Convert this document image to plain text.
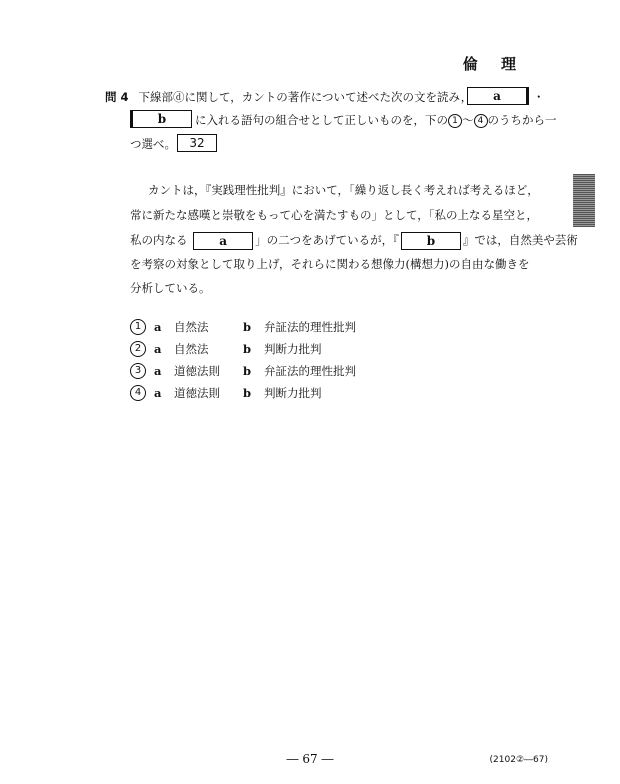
倫 理
問 4 下線部ⓓに関して，カントの著作について述べた次の文を読み，	a	・
b	に入れる語句の組合せとして正しいものを，下の 1 ～ 4 のうちから一
つ選べ。	32
カントは，『実践理性批判』において，「繰り返し長く考えれば考えるほど，
常に新たな感嘆と崇敬をもって心を満たすもの」として，「私の上なる星空と，
私の内なる	a 」の二つをあげているが，『 b 』では，自然美や芸術
を考察の対象として取り上げ，それらに関わる想像力(構想力)の自由な働きを
分析している。
1	a 自然法	b 弁証法的理性批判
2	a 自然法	b 判断力批判
3	a 道徳法則 b 弁証法的理性批判
4	a 道徳法則 b 判断力批判
― 67 ―	(2102②―67)
